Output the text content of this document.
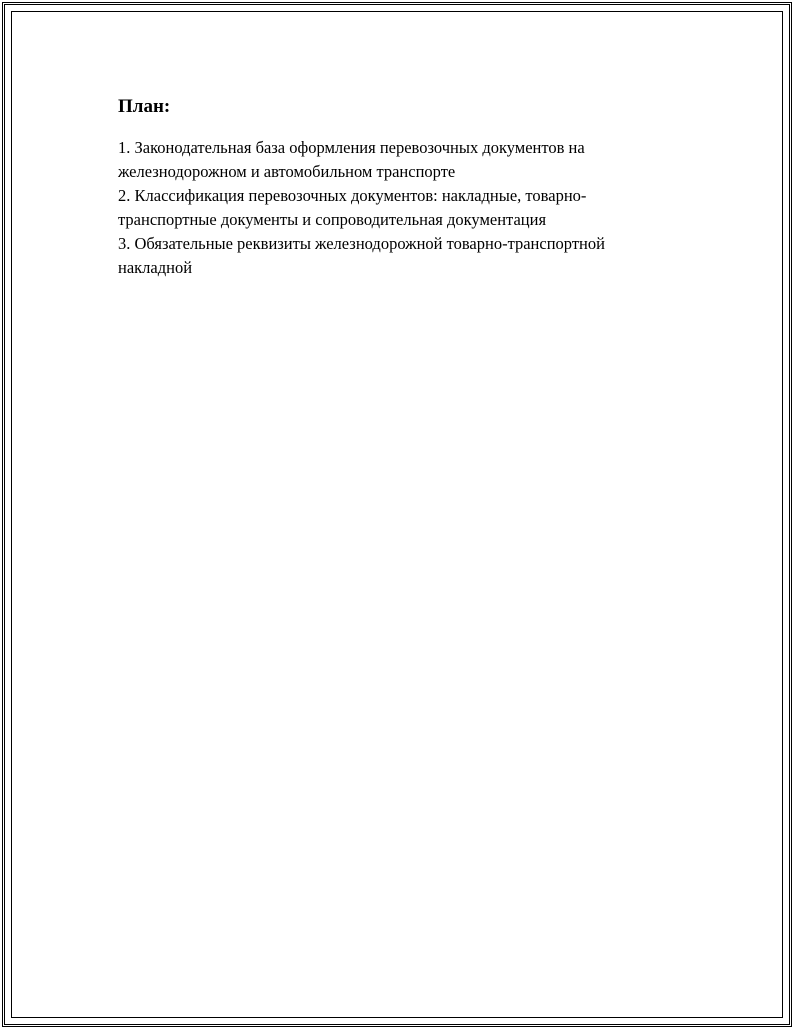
План:
1. Законодательная база оформления перевозочных документов на железнодорожном и автомобильном транспорте
2. Классификация перевозочных документов: накладные, товарно-транспортные документы и сопроводительная документация
3. Обязательные реквизиты железнодорожной товарно-транспортной накладной
